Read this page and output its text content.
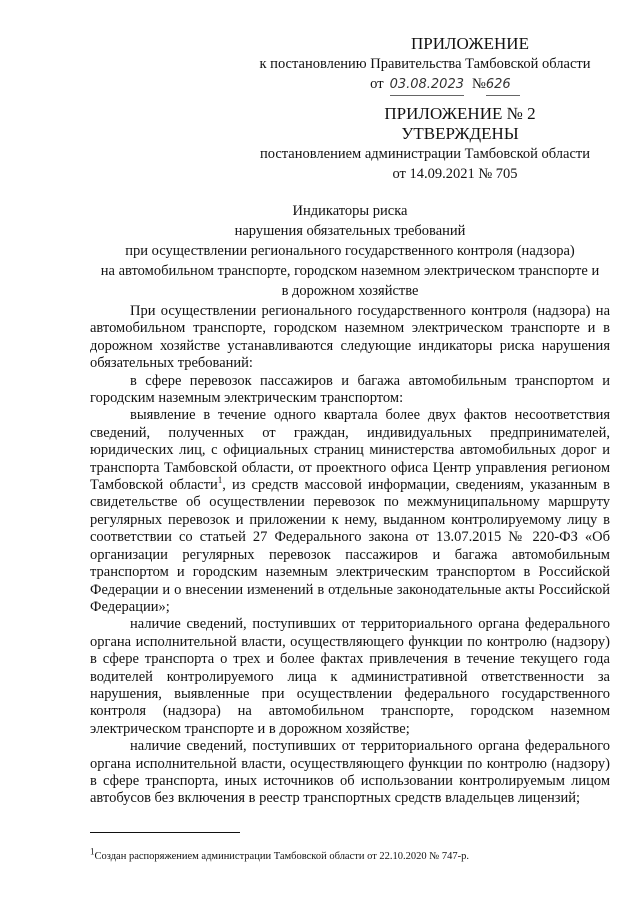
ПРИЛОЖЕНИЕ
к постановлению Правительства Тамбовской области
от 03.08.2023 №626
ПРИЛОЖЕНИЕ № 2
УТВЕРЖДЕНЫ
постановлением администрации Тамбовской области
от 14.09.2021 № 705
Индикаторы риска
нарушения обязательных требований
при осуществлении регионального государственного контроля (надзора)
на автомобильном транспорте, городском наземном электрическом транспорте и
в дорожном хозяйстве

При осуществлении регионального государственного контроля (надзора) на автомобильном транспорте, городском наземном электрическом транспорте и в дорожном хозяйстве устанавливаются следующие индикаторы риска нарушения обязательных требований:

в сфере перевозок пассажиров и багажа автомобильным транспортом и городским наземным электрическим транспортом:

выявление в течение одного квартала более двух фактов несоответствия сведений, полученных от граждан, индивидуальных предпринимателей, юридических лиц, с официальных страниц министерства автомобильных дорог и транспорта Тамбовской области, от проектного офиса Центр управления регионом Тамбовской области$^1$, из средств массовой информации, сведениям, указанным в свидетельстве об осуществлении перевозок по межмуниципальному маршруту регулярных перевозок и приложении к нему, выданном контролируемому лицу в соответствии со статьей 27 Федерального закона от 13.07.2015 № 220-ФЗ «Об организации регулярных перевозок пассажиров и багажа автомобильным транспортом и городским наземным электрическим транспортом в Российской Федерации и о внесении изменений в отдельные законодательные акты Российской Федерации»;

наличие сведений, поступивших от территориального органа федерального органа исполнительной власти, осуществляющего функции по контролю (надзору) в сфере транспорта о трех и более фактах привлечения в течение текущего года водителей контролируемого лица к административной ответственности за нарушения, выявленные при осуществлении федерального государственного контроля (надзора) на автомобильном транспорте, городском наземном электрическом транспорте и в дорожном хозяйстве;

наличие сведений, поступивших от территориального органа федерального органа исполнительной власти, осуществляющего функции по контролю (надзору) в сфере транспорта, иных источников об использовании контролируемым лицом автобусов без включения в реестр транспортных средств владельцев лицензий;

$^1$Создан распоряжением администрации Тамбовской области от 22.10.2020 № 747-р.
